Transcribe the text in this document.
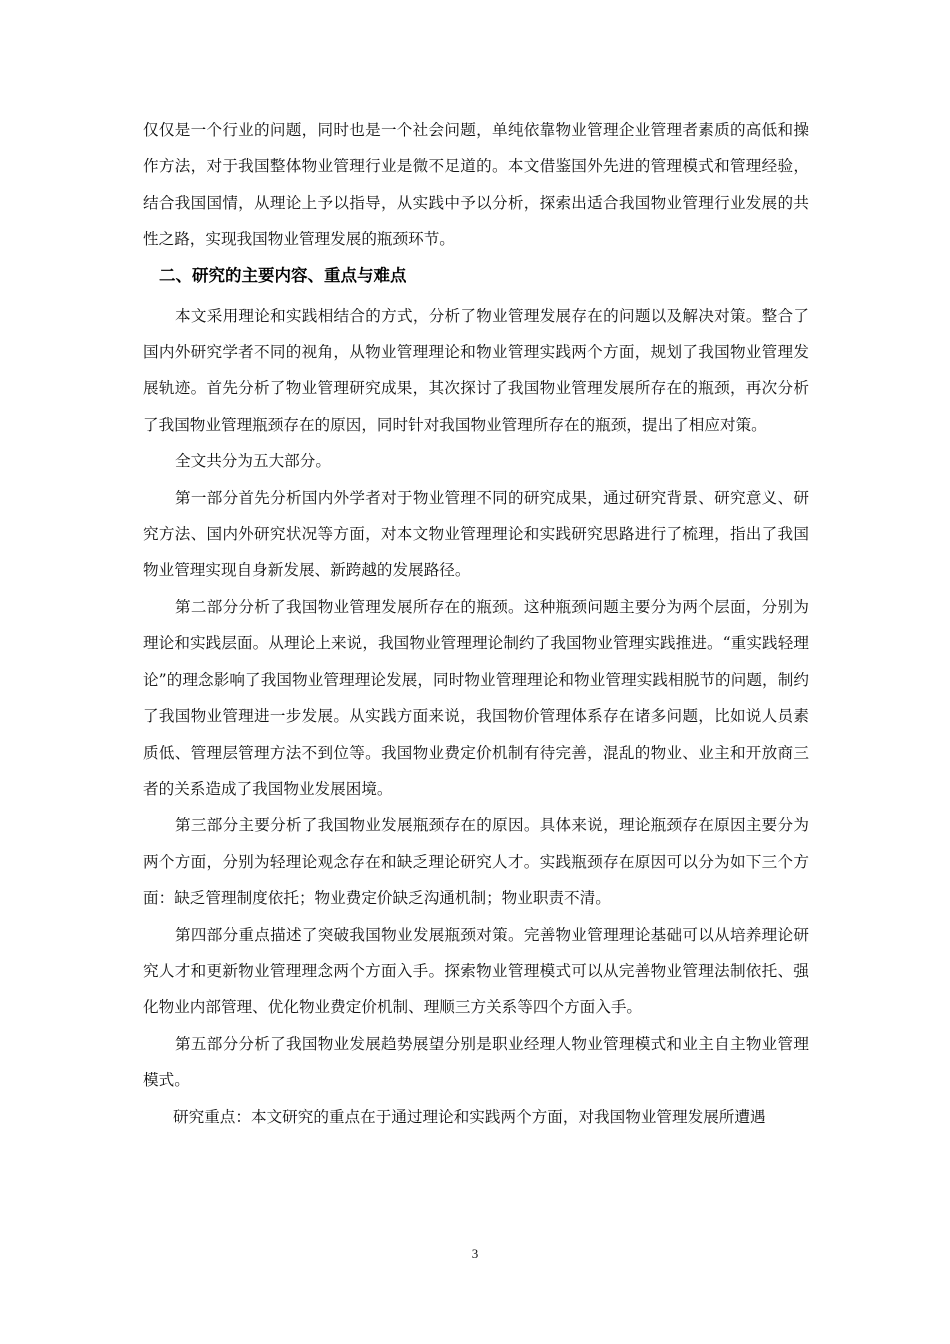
仅仅是一个行业的问题，同时也是一个社会问题，单纯依靠物业管理企业管理者素质的高低和操作方法，对于我国整体物业管理行业是微不足道的。本文借鉴国外先进的管理模式和管理经验，结合我国国情，从理论上予以指导，从实践中予以分析，探索出适合我国物业管理行业发展的共性之路，实现我国物业管理发展的瓶颈环节。

二、研究的主要内容、重点与难点

本文采用理论和实践相结合的方式，分析了物业管理发展存在的问题以及解决对策。整合了国内外研究学者不同的视角，从物业管理理论和物业管理实践两个方面，规划了我国物业管理发展轨迹。首先分析了物业管理研究成果，其次探讨了我国物业管理发展所存在的瓶颈，再次分析了我国物业管理瓶颈存在的原因，同时针对我国物业管理所存在的瓶颈，提出了相应对策。

全文共分为五大部分。

第一部分首先分析国内外学者对于物业管理不同的研究成果，通过研究背景、研究意义、研究方法、国内外研究状况等方面，对本文物业管理理论和实践研究思路进行了梳理，指出了我国物业管理实现自身新发展、新跨越的发展路径。

第二部分分析了我国物业管理发展所存在的瓶颈。这种瓶颈问题主要分为两个层面，分别为理论和实践层面。从理论上来说，我国物业管理理论制约了我国物业管理实践推进。“重实践轻理论”的理念影响了我国物业管理理论发展，同时物业管理理论和物业管理实践相脱节的问题，制约了我国物业管理进一步发展。从实践方面来说，我国物价管理体系存在诸多问题，比如说人员素质低、管理层管理方法不到位等。我国物业费定价机制有待完善，混乱的物业、业主和开放商三者的关系造成了我国物业发展困境。

第三部分主要分析了我国物业发展瓶颈存在的原因。具体来说，理论瓶颈存在原因主要分为两个方面，分别为轻理论观念存在和缺乏理论研究人才。实践瓶颈存在原因可以分为如下三个方面：缺乏管理制度依托；物业费定价缺乏沟通机制；物业职责不清。

第四部分重点描述了突破我国物业发展瓶颈对策。完善物业管理理论基础可以从培养理论研究人才和更新物业管理理念两个方面入手。探索物业管理模式可以从完善物业管理法制依托、强化物业内部管理、优化物业费定价机制、理顺三方关系等四个方面入手。

第五部分分析了我国物业发展趋势展望分别是职业经理人物业管理模式和业主自主物业管理模式。

研究重点：本文研究的重点在于通过理论和实践两个方面，对我国物业管理发展所遭遇

3
